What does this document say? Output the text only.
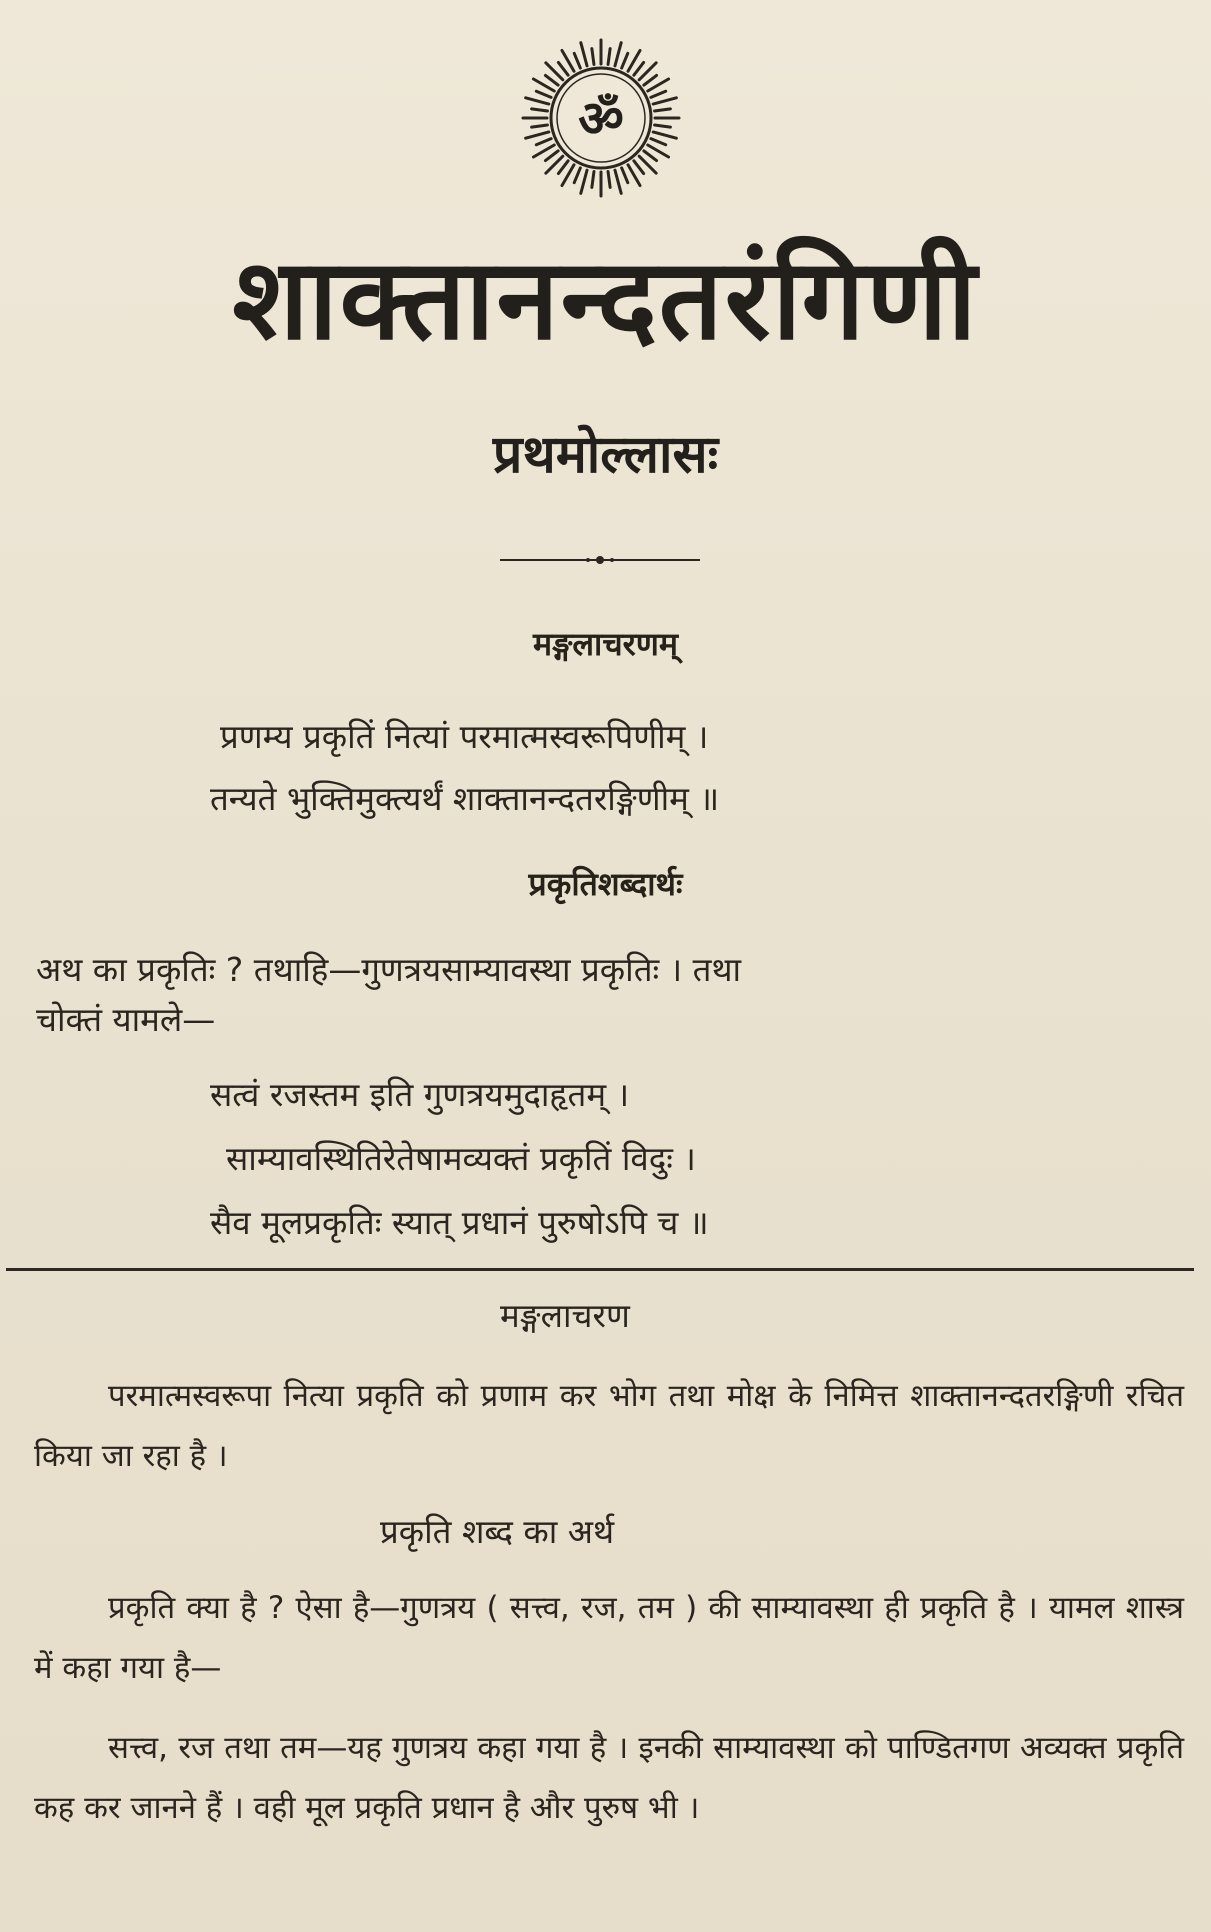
ॐ
शाक्तानन्दतरंगिणी
प्रथमोल्लासः
मङ्गलाचरणम्
प्रणम्य प्रकृतिं नित्यां परमात्मस्वरूपिणीम् ।
तन्यते भुक्तिमुक्त्यर्थं शाक्तानन्दतरङ्गिणीम् ॥
प्रकृतिशब्दार्थः

अथ का प्रकृतिः ? तथाहि—गुणत्रयसाम्यावस्था प्रकृतिः । तथा

चोक्तं यामले—

सत्वं रजस्तम इति गुणत्रयमुदाहृतम् ।
साम्यावस्थितिरेतेषामव्यक्तं प्रकृतिं विदुः ।
सैव मूलप्रकृतिः स्यात् प्रधानं पुरुषोऽपि च ॥
मङ्गलाचरण
परमात्मस्वरूपा नित्या प्रकृति को प्रणाम कर भोग तथा मोक्ष के निमित्त शाक्तानन्दतरङ्गिणी रचित किया जा रहा है ।
प्रकृति शब्द का अर्थ
प्रकृति क्या है ? ऐसा है—गुणत्रय ( सत्त्व, रज, तम ) की साम्यावस्था ही प्रकृति है । यामल शास्त्र में कहा गया है—
सत्त्व, रज तथा तम—यह गुणत्रय कहा गया है । इनकी साम्यावस्था को पाण्डितगण अव्यक्त प्रकृति कह कर जानने हैं । वही मूल प्रकृति प्रधान है और पुरुष भी ।
